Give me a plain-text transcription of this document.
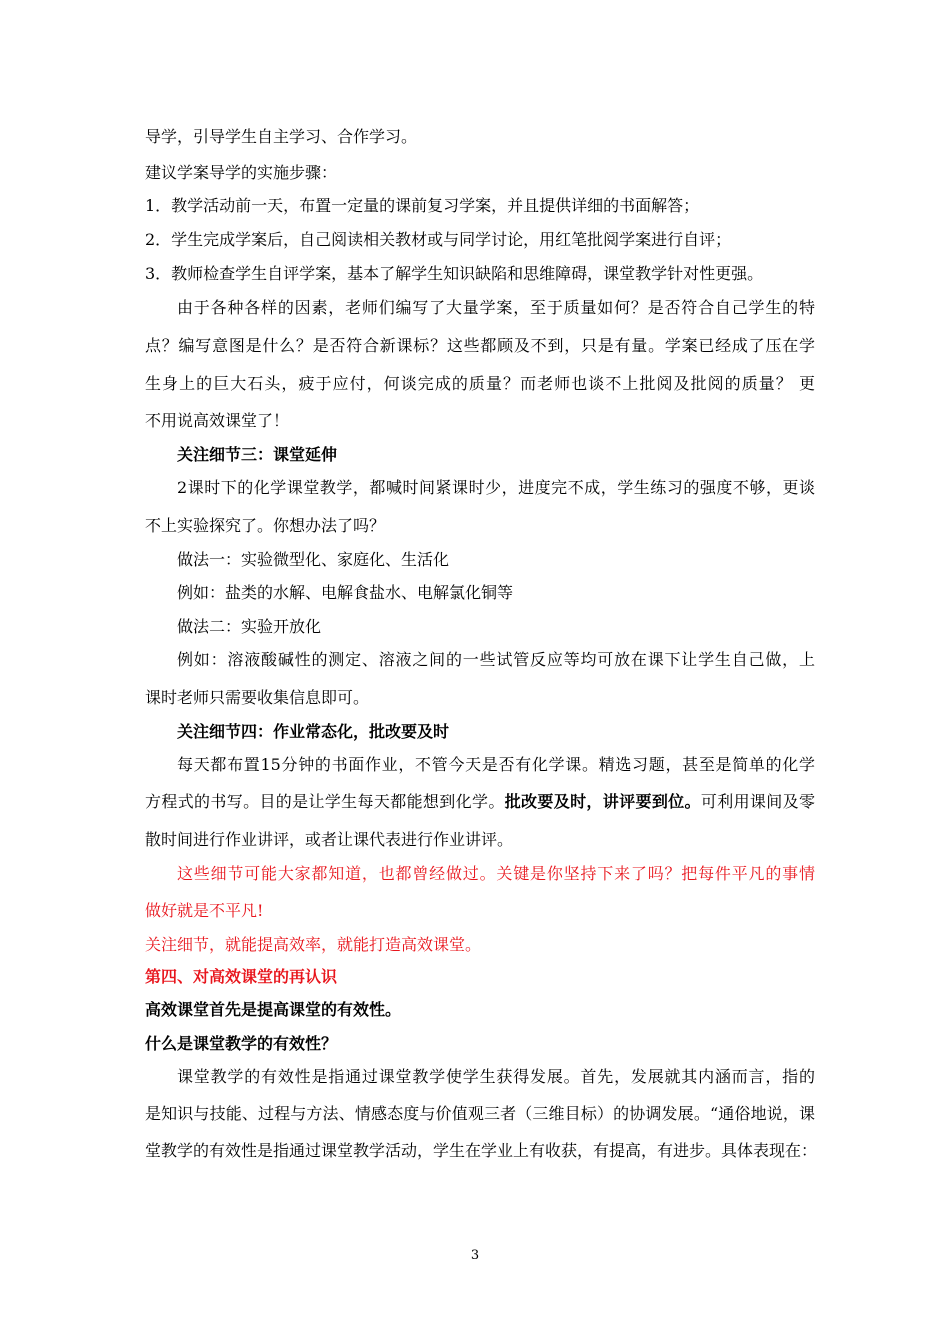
导学，引导学生自主学习、合作学习。
建议学案导学的实施步骤：
1．教学活动前一天，布置一定量的课前复习学案，并且提供详细的书面解答；
2．学生完成学案后，自己阅读相关教材或与同学讨论，用红笔批阅学案进行自评；
3．教师检查学生自评学案，基本了解学生知识缺陷和思维障碍，课堂教学针对性更强。
由于各种各样的因素，老师们编写了大量学案，至于质量如何？是否符合自己学生的特
点？编写意图是什么？是否符合新课标？这些都顾及不到，只是有量。学案已经成了压在学
生身上的巨大石头，疲于应付，何谈完成的质量？而老师也谈不上批阅及批阅的质量？ 更
不用说高效课堂了！
关注细节三：课堂延伸
2课时下的化学课堂教学，都喊时间紧课时少，进度完不成，学生练习的强度不够，更谈
不上实验探究了。你想办法了吗？
做法一：实验微型化、家庭化、生活化
例如：盐类的水解、电解食盐水、电解氯化铜等
做法二：实验开放化
例如：溶液酸碱性的测定、溶液之间的一些试管反应等均可放在课下让学生自己做，上
课时老师只需要收集信息即可。
关注细节四：作业常态化，批改要及时
每天都布置15分钟的书面作业，不管今天是否有化学课。精选习题，甚至是简单的化学
方程式的书写。目的是让学生每天都能想到化学。批改要及时，讲评要到位。可利用课间及零
散时间进行作业讲评，或者让课代表进行作业讲评。
这些细节可能大家都知道，也都曾经做过。关键是你坚持下来了吗？把每件平凡的事情
做好就是不平凡!
关注细节，就能提高效率，就能打造高效课堂。
第四、对高效课堂的再认识
高效课堂首先是提高课堂的有效性。
什么是课堂教学的有效性？
课堂教学的有效性是指通过课堂教学使学生获得发展。首先，发展就其内涵而言，指的
是知识与技能、过程与方法、情感态度与价值观三者（三维目标）的协调发展。“通俗地说，课
堂教学的有效性是指通过课堂教学活动，学生在学业上有收获，有提高，有进步。具体表现在：
3
